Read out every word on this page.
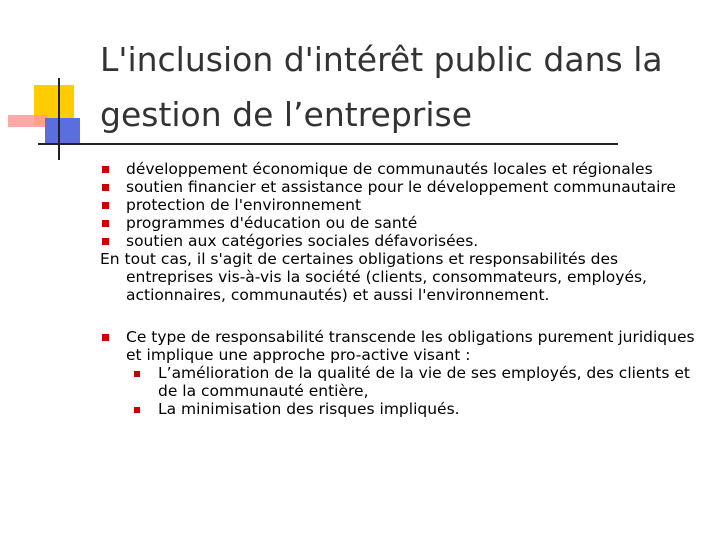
L'inclusion d'intérêt public dans la gestion de l’entreprise
développement économique de communautés locales et régionales
soutien financier et assistance pour le développement communautaire
protection de l'environnement
programmes d'éducation ou de santé
soutien aux catégories sociales défavorisées.
En tout cas, il s'agit de certaines obligations et responsabilités des entreprises vis-à-vis la société (clients, consommateurs, employés, actionnaires, communautés) et aussi l'environnement.
Ce type de responsabilité transcende les obligations purement juridiques et implique une approche pro-active visant :
L’amélioration de la qualité de la vie de ses employés, des clients et de la communauté entière,
La minimisation des risques impliqués.
